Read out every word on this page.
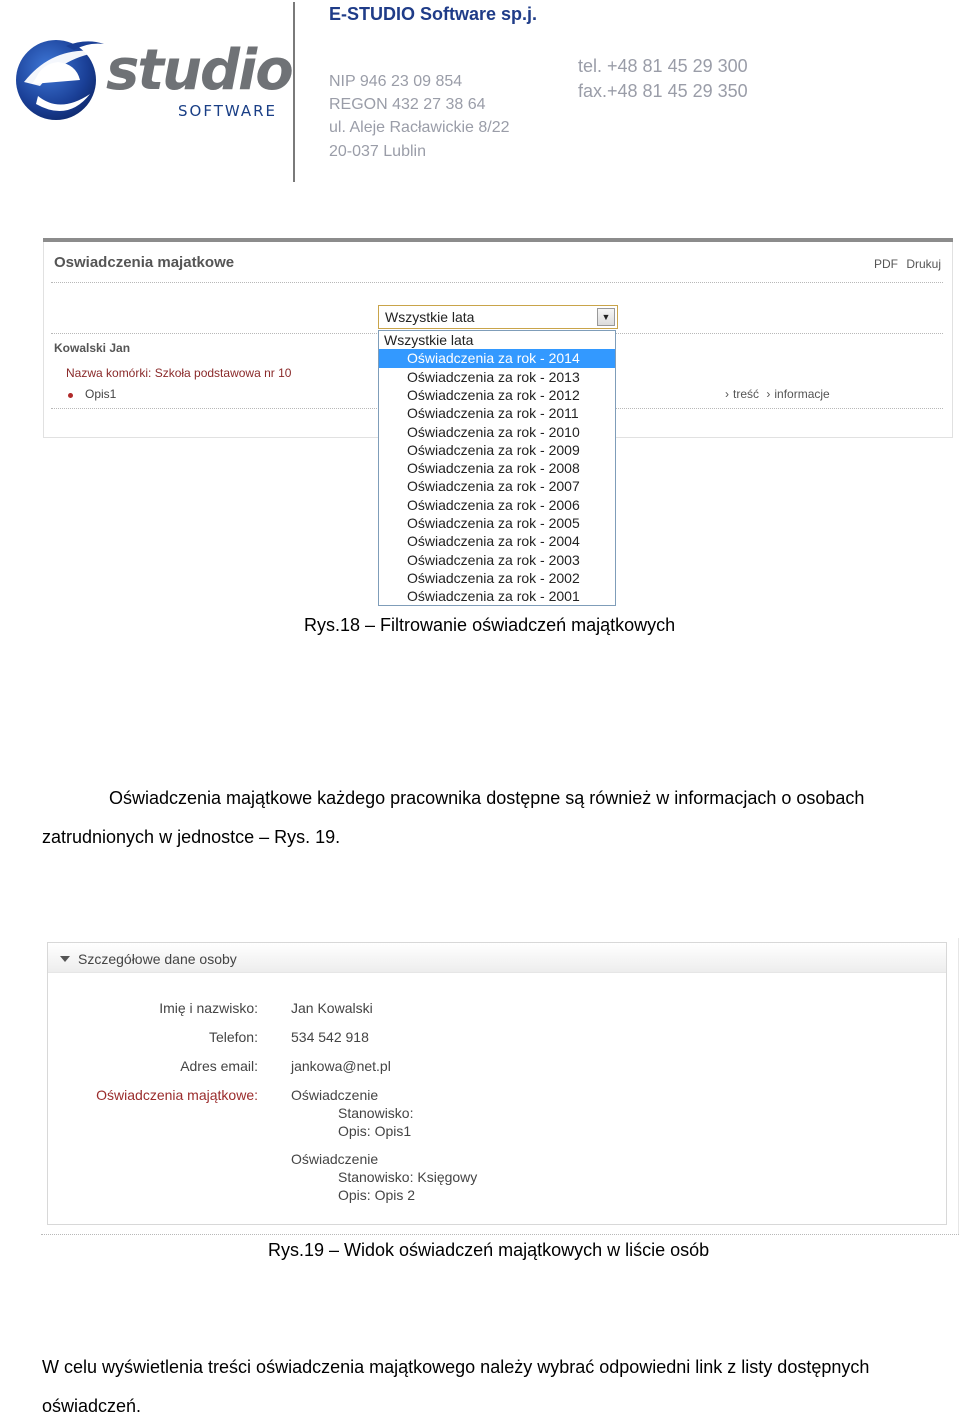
studio
SOFTWARE
E-STUDIO Software sp.j.
NIP 946 23 09 854
REGON 432 27 38 64
ul. Aleje Racławickie 8/22
20-037 Lublin
tel. +48 81 45 29 300
fax.+48 81 45 29 350
Oswiadczenia majatkowe	PDF Drukuj
Kowalski Jan
Nazwa komórki: Szkoła podstawowa nr 10
Opis1	› treść › informacje
Wszystkie lata	▼
Wszystkie lata
Oświadczenia za rok - 2014
Oświadczenia za rok - 2013
Oświadczenia za rok - 2012
Oświadczenia za rok - 2011
Oświadczenia za rok - 2010
Oświadczenia za rok - 2009
Oświadczenia za rok - 2008
Oświadczenia za rok - 2007
Oświadczenia za rok - 2006
Oświadczenia za rok - 2005
Oświadczenia za rok - 2004
Oświadczenia za rok - 2003
Oświadczenia za rok - 2002
Oświadczenia za rok - 2001
Rys.18 – Filtrowanie oświadczeń majątkowych
Oświadczenia majątkowe każdego pracownika dostępne są również w informacjach o osobach
zatrudnionych w jednostce – Rys. 19.
Szczegółowe dane osoby
Imię i nazwisko: Jan Kowalski
Telefon: 534 542 918
Adres email: jankowa@net.pl
Oświadczenia majątkowe: Oświadczenie
Stanowisko:
Opis: Opis1
Oświadczenie
Stanowisko: Księgowy
Opis: Opis 2
Rys.19 – Widok oświadczeń majątkowych w liście osób
W celu wyświetlenia treści oświadczenia majątkowego należy wybrać odpowiedni link z listy dostępnych
oświadczeń.
